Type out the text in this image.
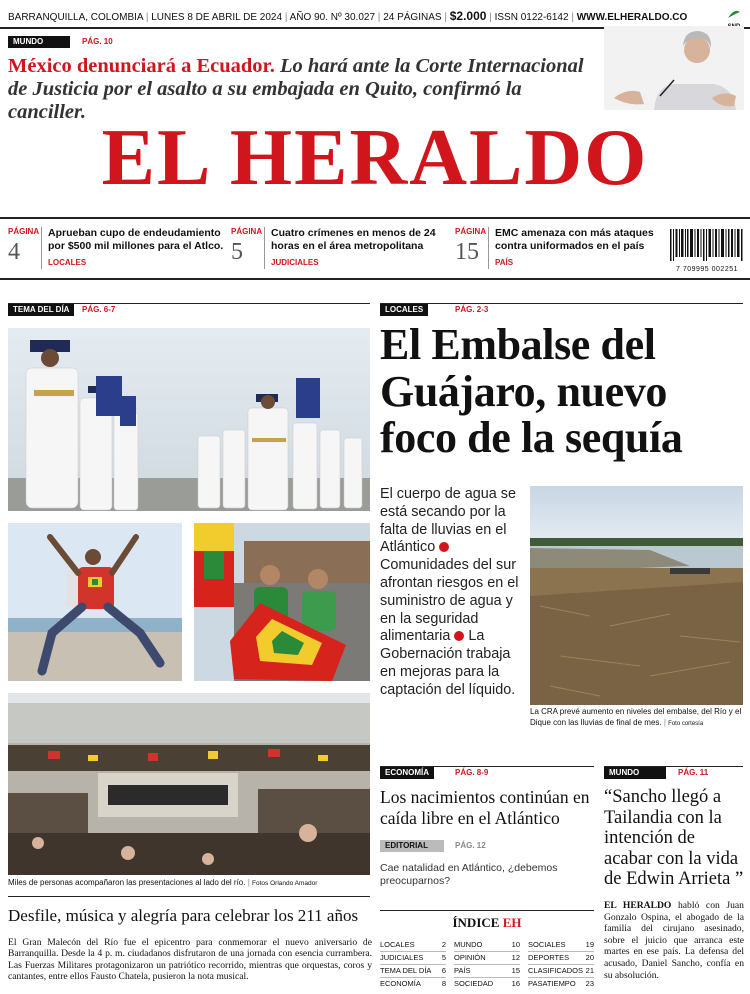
BARRANQUILLA, COLOMBIA | LUNES 8 DE ABRIL DE 2024 | AÑO 90. Nº 30.027 | 24 PÁGINAS | $2.000 | ISSN 0122-6142 | WWW.ELHERALDO.CO
MUNDO	PÁG. 10
México denunciará a Ecuador. Lo hará ante la Corte Internacional de Justicia por el asalto a su embajada en Quito, confirmó la canciller.
EL HERALDO
PÁGINA
4
Aprueban cupo de endeudamiento por $500 mil millones para el Atlco.
LOCALES
PÁGINA
5
Cuatro crímenes en menos de 24 horas en el área metropolitana
JUDICIALES
PÁGINA
15
EMC amenaza con más ataques contra uniformados en el país
PAÍS
7 709995 002251
TEMA DEL DÍA	PÁG. 6-7
Miles de personas acompañaron las presentaciones al lado del río. | Fotos Orlando Amador
Desfile, música y alegría para celebrar los 211 años
El Gran Malecón del Río fue el epicentro para conmemorar el nuevo aniversario de Barranquilla. Desde la 4 p. m. ciudadanos disfrutaron de una jornada con esencia currambera. Las Fuerzas Militares protagonizaron un patriótico recorrido, mientras que orquestas, coros y cantantes, entre ellos Fausto Chatela, pusieron la nota musical.
LOCALES	PÁG. 2-3
El Embalse del Guájaro, nuevo foco de la sequía
El cuerpo de agua se está secando por la falta de lluvias en el Atlántico  Comunidades del sur afrontan riesgos en el suministro de agua y en la seguridad alimentaria La Gobernación trabaja en mejoras para la captación del líquido.
La CRA prevé aumento en niveles del embalse, del Río y el Dique con las lluvias de final de mes. | Foto cortesía
ECONOMÍA	PÁG. 8-9
Los nacimientos continúan en caída libre en el Atlántico
EDITORIAL	PÁG. 12
Cae natalidad en Atlántico, ¿debemos preocuparnos?
ÍNDICE EH
LOCALES	2 MUNDO	10 SOCIALES	19
JUDICIALES 5 OPINIÓN	12 DEPORTES 20
TEMA DEL DÍA 6 PAÍS	15 CLASIFICADOS 21
ECONOMÍA	8 SOCIEDAD 16 PASATIEMPO 23
MUNDO	PÁG. 11
“Sancho llegó a Tailandia con la intención de acabar con la vida de Edwin Arrieta ”
EL HERALDO habló con Juan Gonzalo Ospina, el abogado de la familia del cirujano asesinado, sobre el juicio que arranca este martes en ese país. La defensa del acusado, Daniel Sancho, confía en su absolución.
